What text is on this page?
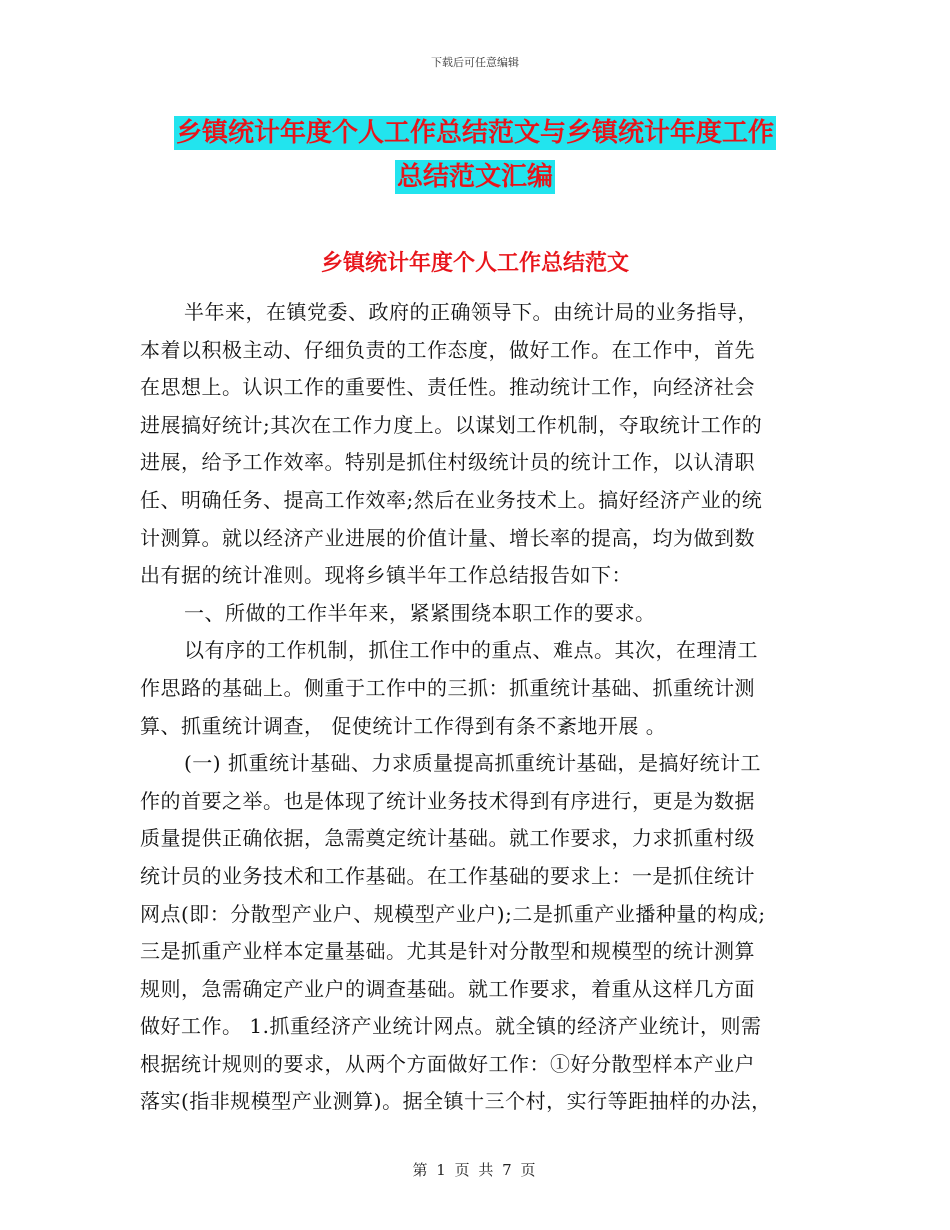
下载后可任意编辑
乡镇统计年度个人工作总结范文与乡镇统计年度工作
总结范文汇编
乡镇统计年度个人工作总结范文
半年来，在镇党委、政府的正确领导下。由统计局的业务指导，
本着以积极主动、仔细负责的工作态度，做好工作。在工作中，首先
在思想上。认识工作的重要性、责任性。推动统计工作，向经济社会
进展搞好统计;其次在工作力度上。以谋划工作机制，夺取统计工作的
进展，给予工作效率。特别是抓住村级统计员的统计工作，以认清职
任、明确任务、提高工作效率;然后在业务技术上。搞好经济产业的统
计测算。就以经济产业进展的价值计量、增长率的提高，均为做到数
出有据的统计准则。现将乡镇半年工作总结报告如下：
一、所做的工作半年来，紧紧围绕本职工作的要求。
以有序的工作机制，抓住工作中的重点、难点。其次，在理清工
作思路的基础上。侧重于工作中的三抓：抓重统计基础、抓重统计测
算、抓重统计调查， 促使统计工作得到有条不紊地开展 。
(一) 抓重统计基础、力求质量提高抓重统计基础，是搞好统计工
作的首要之举。也是体现了统计业务技术得到有序进行，更是为数据
质量提供正确依据，急需奠定统计基础。就工作要求，力求抓重村级
统计员的业务技术和工作基础。在工作基础的要求上：一是抓住统计
网点(即：分散型产业户、规模型产业户);二是抓重产业播种量的构成;
三是抓重产业样本定量基础。尤其是针对分散型和规模型的统计测算
规则，急需确定产业户的调查基础。就工作要求，着重从这样几方面
做好工作。 1.抓重经济产业统计网点。就全镇的经济产业统计，则需
根据统计规则的要求，从两个方面做好工作：①好分散型样本产业户
落实(指非规模型产业测算)。据全镇十三个村，实行等距抽样的办法，
第 1 页 共 7 页
